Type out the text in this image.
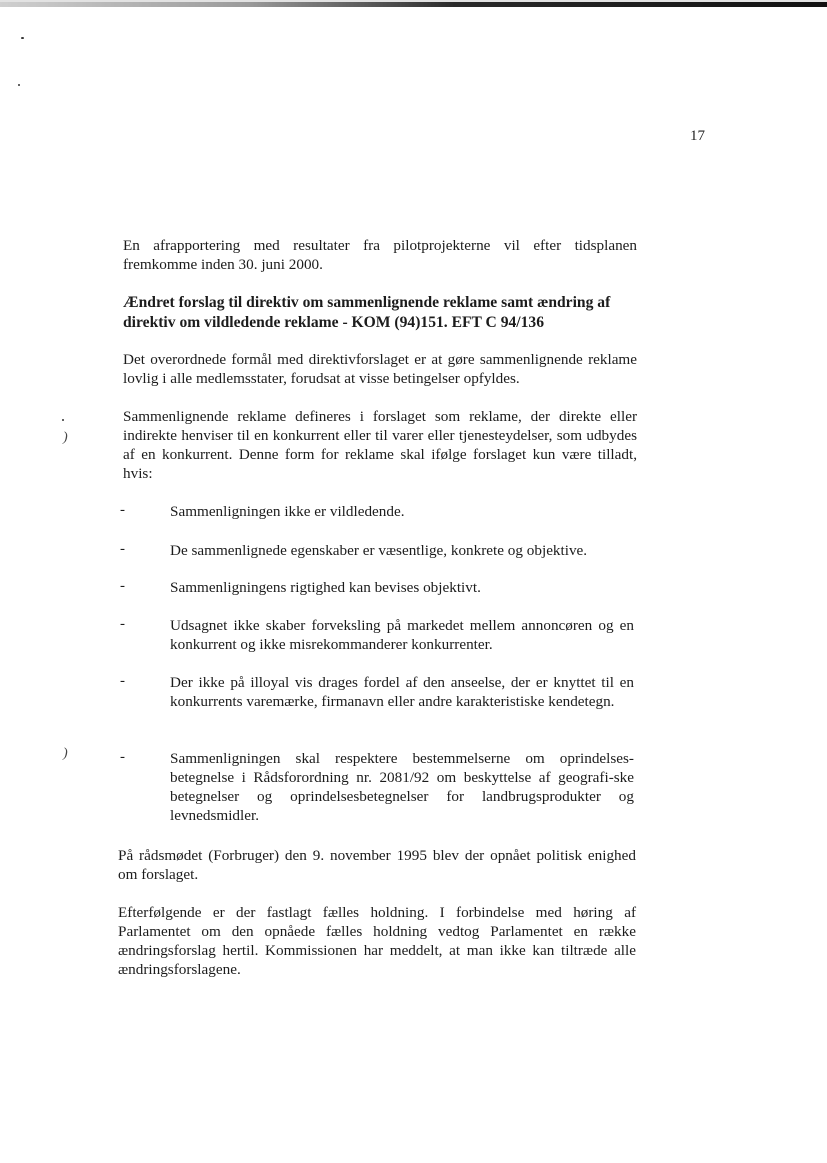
)
)
17

En afrapportering med resultater fra pilotprojekterne vil efter tidsplanen fremkomme inden 30. juni 2000.

Ændret forslag til direktiv om sammenlignende reklame samt ændring af direktiv om vildledende reklame - KOM (94)151. EFT C 94/136

Det overordnede formål med direktivforslaget er at gøre sammenlignende reklame lovlig i alle medlemsstater, forudsat at visse betingelser opfyldes.

Sammenlignende reklame defineres i forslaget som reklame, der direkte eller indirekte henviser til en konkurrent eller til varer eller tjenesteydelser, som udbydes af en konkurrent. Denne form for reklame skal ifølge forslaget kun være tilladt, hvis:

-	Sammenligningen ikke er vildledende.

-	De sammenlignede egenskaber er væsentlige, konkrete og objektive.

-	Sammenligningens rigtighed kan bevises objektivt.

-	Udsagnet ikke skaber forveksling på markedet mellem annoncøren og en konkurrent og ikke misrekommanderer konkurrenter.

-	Der ikke på illoyal vis drages fordel af den anseelse, der er knyttet til en konkurrents varemærke, firmanavn eller andre karakteristiske kendetegn.

-	Sammenligningen skal respektere bestemmelserne om oprindelses-betegnelse i Rådsforordning nr. 2081/92 om beskyttelse af geografi-ske betegnelser og oprindelsesbetegnelser for landbrugsprodukter og levnedsmidler.

På rådsmødet (Forbruger) den 9. november 1995 blev der opnået politisk enighed om forslaget.

Efterfølgende er der fastlagt fælles holdning. I forbindelse med høring af Parlamentet om den opnåede fælles holdning vedtog Parlamentet en række ændringsforslag hertil. Kommissionen har meddelt, at man ikke kan tiltræde alle ændringsforslagene.
